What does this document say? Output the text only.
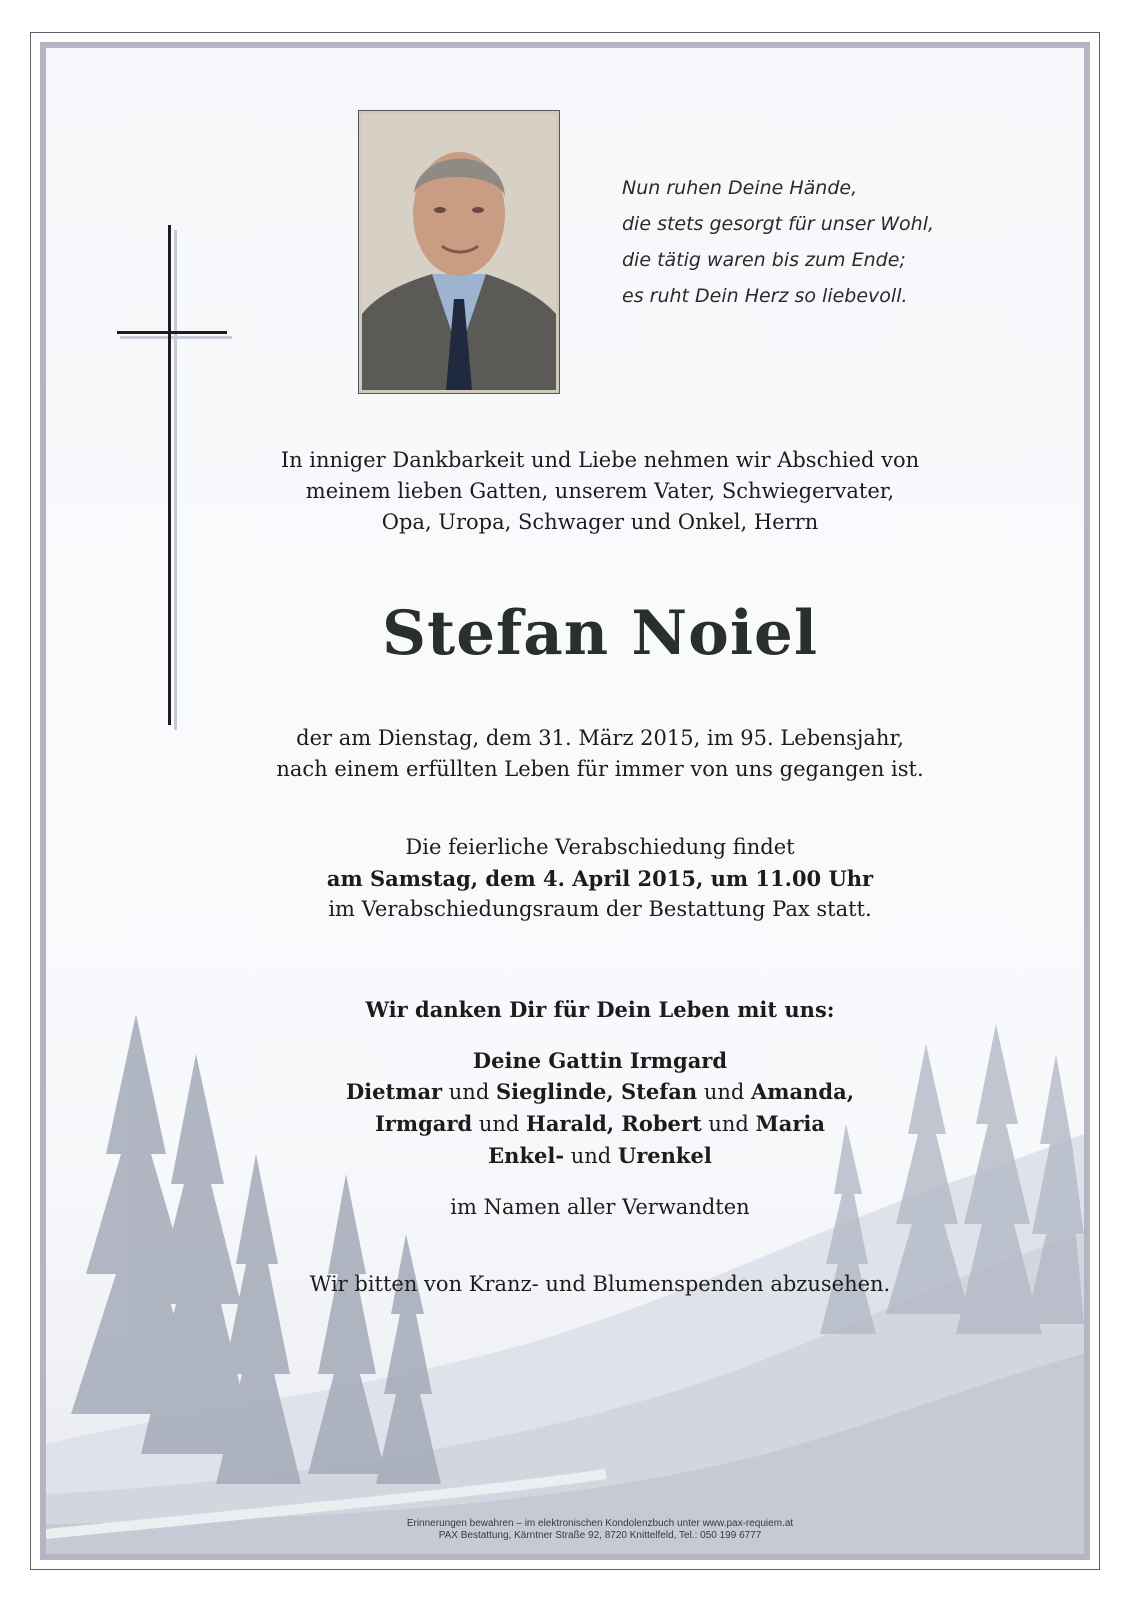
Nun ruhen Deine Hände,
die stets gesorgt für unser Wohl,
die tätig waren bis zum Ende;
es ruht Dein Herz so liebevoll.
In inniger Dankbarkeit und Liebe nehmen wir Abschied von
meinem lieben Gatten, unserem Vater, Schwiegervater,
Opa, Uropa, Schwager und Onkel, Herrn
Stefan Noiel
der am Dienstag, dem 31. März 2015, im 95. Lebensjahr,
nach einem erfüllten Leben für immer von uns gegangen ist.
Die feierliche Verabschiedung findet
am Samstag, dem 4. April 2015, um 11.00 Uhr
im Verabschiedungsraum der Bestattung Pax statt.
Wir danken Dir für Dein Leben mit uns:
Deine Gattin Irmgard
Dietmar und Sieglinde, Stefan und Amanda,
Irmgard und Harald, Robert und Maria
Enkel- und Urenkel
im Namen aller Verwandten
Wir bitten von Kranz- und Blumenspenden abzusehen.
Erinnerungen bewahren – im elektronischen Kondolenzbuch unter www.pax-requiem.at
PAX Bestattung, Kärntner Straße 92, 8720 Knittelfeld, Tel.: 050 199 6777
